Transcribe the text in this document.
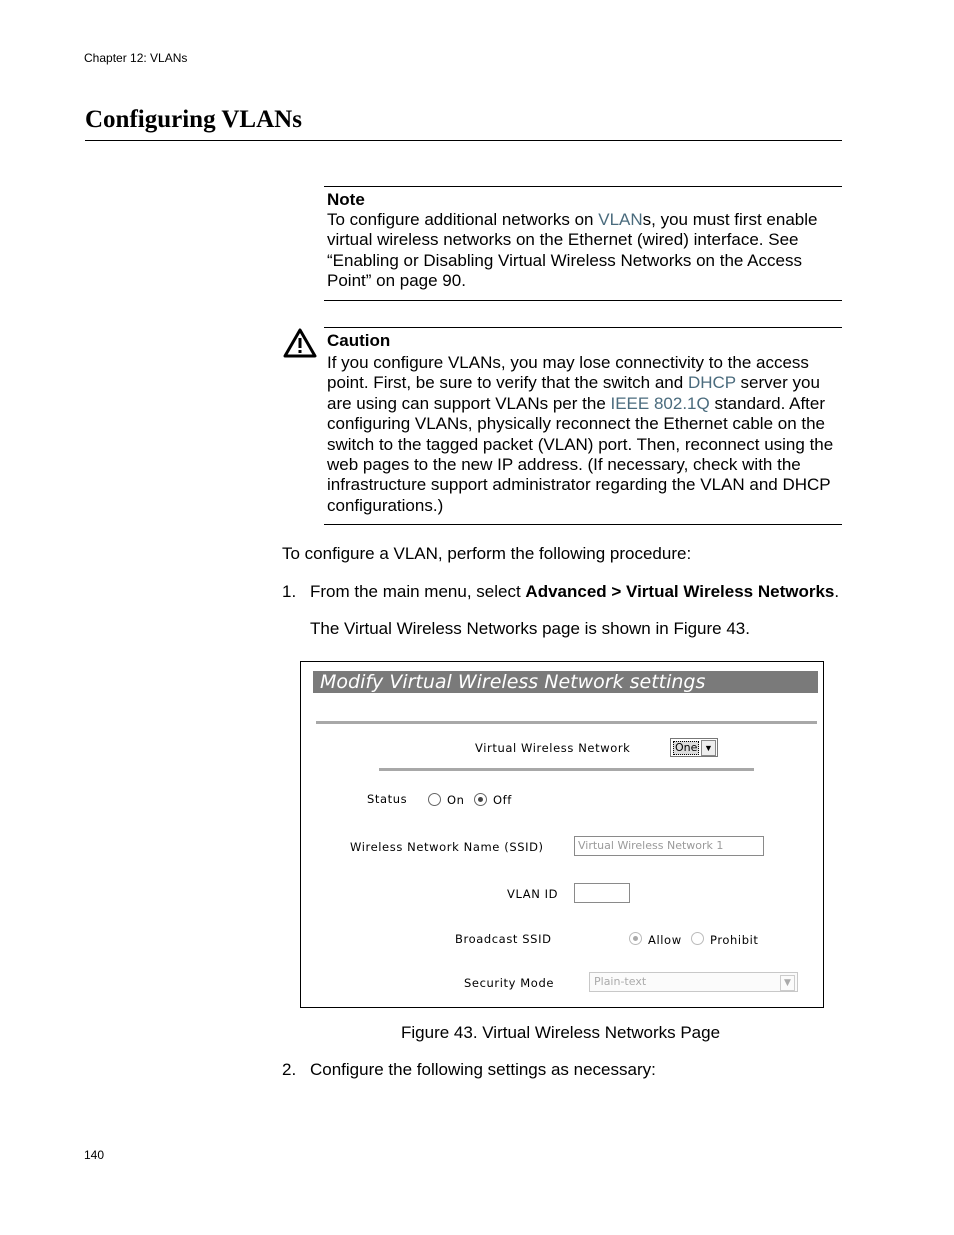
Chapter 12: VLANs
Configuring VLANs
Note
To configure additional networks on VLANs, you must first enable
virtual wireless networks on the Ethernet (wired) interface. See
“Enabling or Disabling Virtual Wireless Networks on the Access
Point” on page 90.
Caution
If you configure VLANs, you may lose connectivity to the access
point. First, be sure to verify that the switch and DHCP server you
are using can support VLANs per the IEEE 802.1Q standard. After
configuring VLANs, physically reconnect the Ethernet cable on the
switch to the tagged packet (VLAN) port. Then, reconnect using the
web pages to the new IP address. (If necessary, check with the
infrastructure support administrator regarding the VLAN and DHCP
configurations.)
To configure a VLAN, perform the following procedure:
1. From the main menu, select Advanced > Virtual Wireless Networks.
The Virtual Wireless Networks page is shown in Figure 43.
Modify Virtual Wireless Network settings
Virtual Wireless Network	One ▼
Status	On Off
Wireless Network Name (SSID)	Virtual Wireless Network 1
VLAN ID
Broadcast SSID	Allow Prohibit
Security Mode	Plain-text	▼
Figure 43. Virtual Wireless Networks Page
2. Configure the following settings as necessary:
140
